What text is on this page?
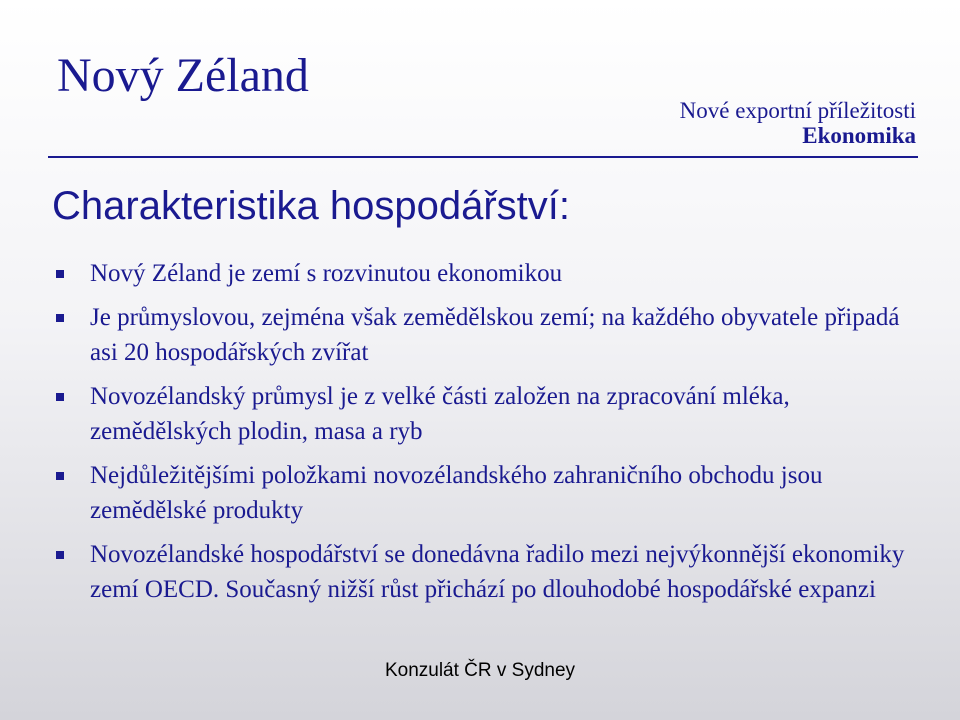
Nový Zéland
Nové exportní příležitosti
Ekonomika
Charakteristika hospodářství:
Nový Zéland je zemí s rozvinutou ekonomikou
Je průmyslovou, zejména však zemědělskou zemí; na každého obyvatele připadá asi 20 hospodářských zvířat
Novozélandský průmysl je z velké části založen na zpracování mléka, zemědělských plodin, masa a ryb
Nejdůležitějšími položkami novozélandského zahraničního obchodu jsou zemědělské produkty
Novozélandské hospodářství se donedávna řadilo mezi nejvýkonnější ekonomiky zemí OECD. Současný nižší růst přichází po dlouhodobé hospodářské expanzi
Konzulát ČR v Sydney
